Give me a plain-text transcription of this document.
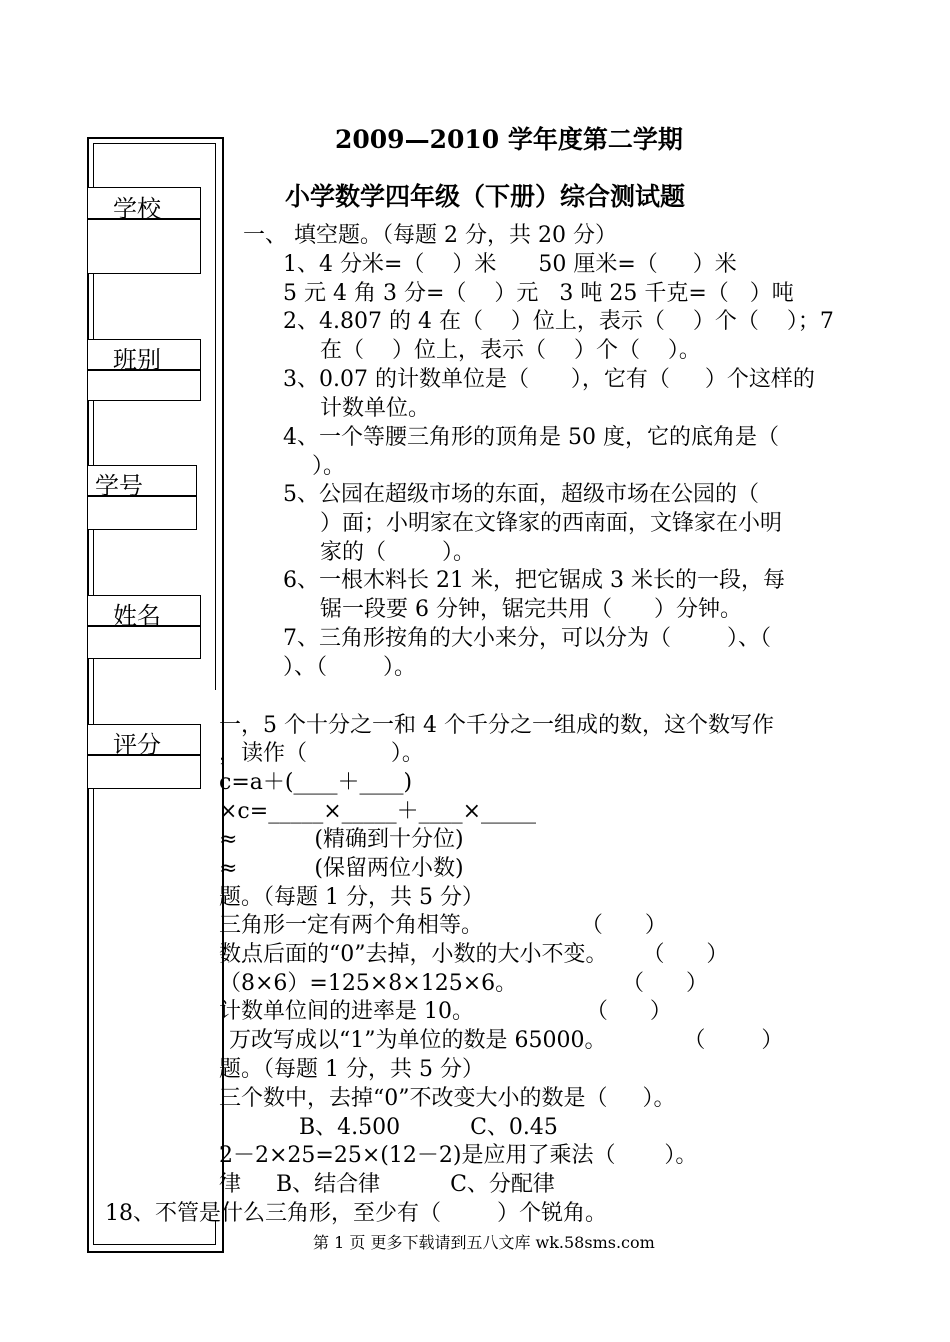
2009—2010 学年度第二学期
小学数学四年级（下册）综合测试题
学校
班别
学号
姓名
评分
一、 填空题。（每题 2 分，共 20 分）
1、4 分米=（    ）米      50 厘米=（     ）米
5 元 4 角 3 分=（    ）元   3 吨 25 千克=（   ）吨
2、4.807 的 4 在（    ）位上，表示（    ）个（    ）；7
在（    ）位上，表示（    ）个（    ）。
3、0.07 的计数单位是（      ），它有（     ）个这样的
计数单位。
4、一个等腰三角形的顶角是 50 度，它的底角是（
）。
5、公园在超级市场的东面，超级市场在公园的（
）面；小明家在文锋家的西南面，文锋家在小明
家的（        ）。
6、一根木料长 21 米，把它锯成 3 米长的一段，每
锯一段要 6 分钟，锯完共用（      ）分钟。
7、三角形按角的大小来分，可以分为（        ）、（
）、（        ）。
一，5 个十分之一和 4 个千分之一组成的数，这个数写作
，读作（            ）。
c=a＋(____＋____)
×c=_____×_____＋____×_____
≈           (精确到十分位)
≈           (保留两位小数)
题。（每题 1 分，共 5 分）
三角形一定有两个角相等。              （      ）
数点后面的“0”去掉，小数的大小不变。     （      ）
（8×6）=125×8×125×6。               （      ）
计数单位间的进率是 10。                （      ）
万改写成以“1”为单位的数是 65000。           （        ）
题。（每题 1 分，共 5 分）
三个数中，去掉“0”不改变大小的数是（     ）。
B、4.500          C、0.45
2－2×25=25×(12－2)是应用了乘法（       ）。
律     B、结合律          C、分配律
18、不管是什么三角形，至少有（        ）个锐角。
第 1 页 更多下载请到五八文库 wk.58sms.com
